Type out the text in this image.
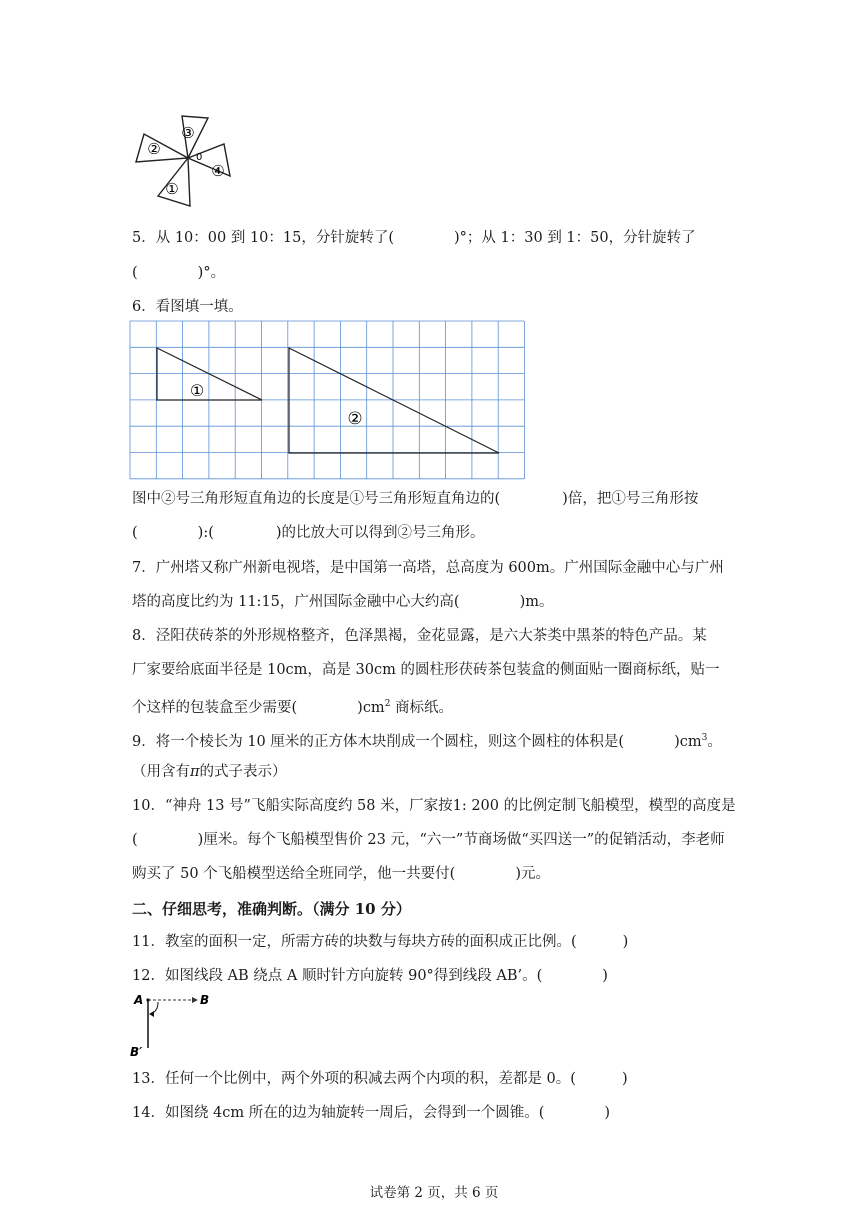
③
②
④
①
0
5．从 10：00 到 10：15，分针旋转了(	)°；从 1：30 到 1：50，分针旋转了
(	)°。
6．看图填一填。
①
②
图中②号三角形短直角边的长度是①号三角形短直角边的(	)倍，把①号三角形按
(	):(	)的比放大可以得到②号三角形。
7．广州塔又称广州新电视塔，是中国第一高塔，总高度为 600m。广州国际金融中心与广州
塔的高度比约为 11:15，广州国际金融中心大约高(	)m。
8．泾阳茯砖茶的外形规格整齐，色泽黑褐，金花显露，是六大茶类中黑茶的特色产品。某
厂家要给底面半径是 10cm，高是 30cm 的圆柱形茯砖茶包装盒的侧面贴一圈商标纸，贴一
个这样的包装盒至少需要(	)$cm^2$ 商标纸。
9．将一个棱长为 10 厘米的正方体木块削成一个圆柱，则这个圆柱的体积是(	)$cm^3$。
（用含有π的式子表示）
10．“神舟 13 号”飞船实际高度约 58 米，厂家按1: 200 的比例定制飞船模型，模型的高度是
(	)厘米。每个飞船模型售价 23 元，“六一”节商场做“买四送一”的促销活动，李老师
购买了 50 个飞船模型送给全班同学，他一共要付(	)元。
二、仔细思考，准确判断。（满分 10 分）
11．教室的面积一定，所需方砖的块数与每块方砖的面积成正比例。(	)
12．如图线段 AB 绕点 A 顺时针方向旋转 90°得到线段 AB’。(	)
A	B
B′
13．任何一个比例中，两个外项的积减去两个内项的积，差都是 0。(	)
14．如图绕 4cm 所在的边为轴旋转一周后，会得到一个圆锥。(	)
试卷第 2 页，共 6 页
